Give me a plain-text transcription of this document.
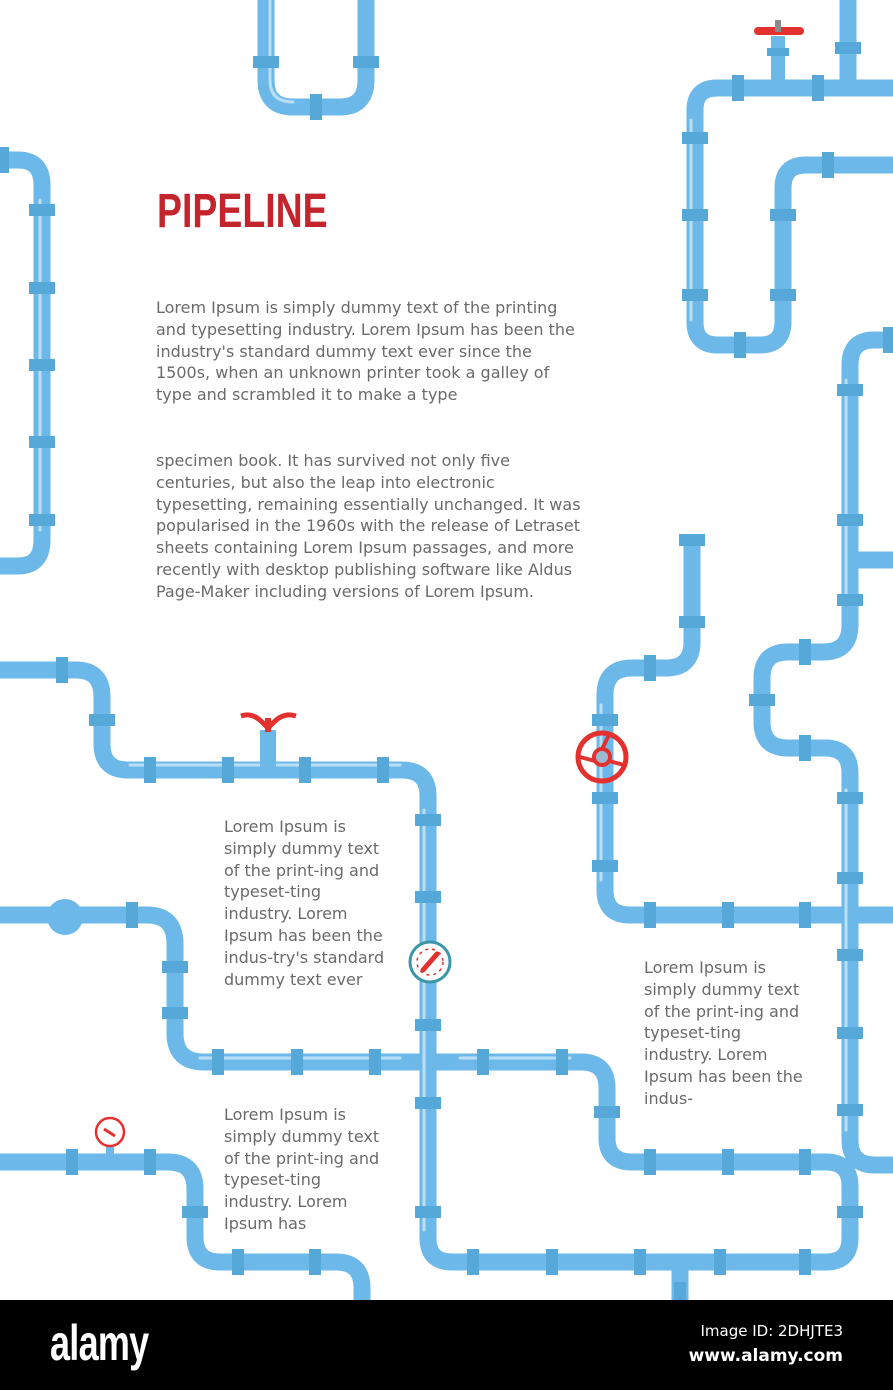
PIPELINE

Lorem Ipsum is simply dummy text of the printing and typesetting industry. Lorem Ipsum has been the industry's standard dummy text ever since the 1500s, when an unknown printer took a galley of type and scrambled it to make a type

specimen book. It has survived not only five centuries, but also the leap into electronic typesetting, remaining essentially unchanged. It was popularised in the 1960s with the release of Letraset sheets containing Lorem Ipsum passages, and more recently with desktop publishing software like Aldus Page-Maker including versions of Lorem Ipsum.

Lorem Ipsum is simply dummy text of the print-ing and typeset-ting industry. Lorem Ipsum has been the indus-try's standard dummy text ever

Lorem Ipsum is simply dummy text of the print-ing and typeset-ting industry. Lorem Ipsum has

Lorem Ipsum is simply dummy text of the print-ing and typeset-ting industry. Lorem Ipsum has been the indus-

alamy	Image ID: 2DHJTE3
www.alamy.com
